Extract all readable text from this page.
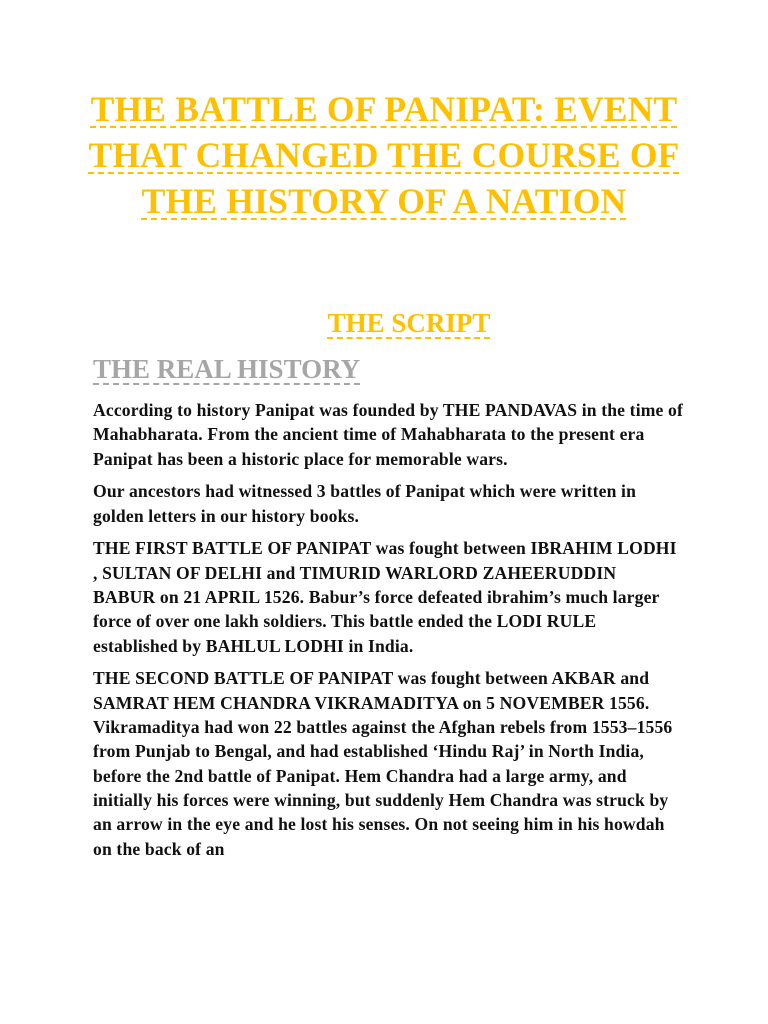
THE BATTLE OF PANIPAT: EVENT THAT CHANGED THE COURSE OF THE HISTORY OF A NATION
THE SCRIPT
THE REAL HISTORY

According to history Panipat was founded by THE PANDAVAS in the time of Mahabharata. From the ancient time of Mahabharata to the present era Panipat has been a historic place for memorable wars.

Our ancestors had witnessed 3 battles of Panipat which were written in golden letters in our history books.

THE FIRST BATTLE OF PANIPAT was fought between IBRAHIM LODHI , SULTAN OF DELHI and TIMURID WARLORD ZAHEERUDDIN BABUR on 21 APRIL 1526. Babur’s force defeated ibrahim’s much larger force of over one lakh soldiers. This battle ended the LODI RULE established by BAHLUL LODHI in India.

THE SECOND BATTLE OF PANIPAT was fought between AKBAR and SAMRAT HEM CHANDRA VIKRAMADITYA on 5 NOVEMBER 1556. Vikramaditya had won 22 battles against the Afghan rebels from 1553–1556 from Punjab to Bengal, and had established ‘Hindu Raj’ in North India, before the 2nd battle of Panipat. Hem Chandra had a large army, and initially his forces were winning, but suddenly Hem Chandra was struck by an arrow in the eye and he lost his senses. On not seeing him in his howdah on the back of an
